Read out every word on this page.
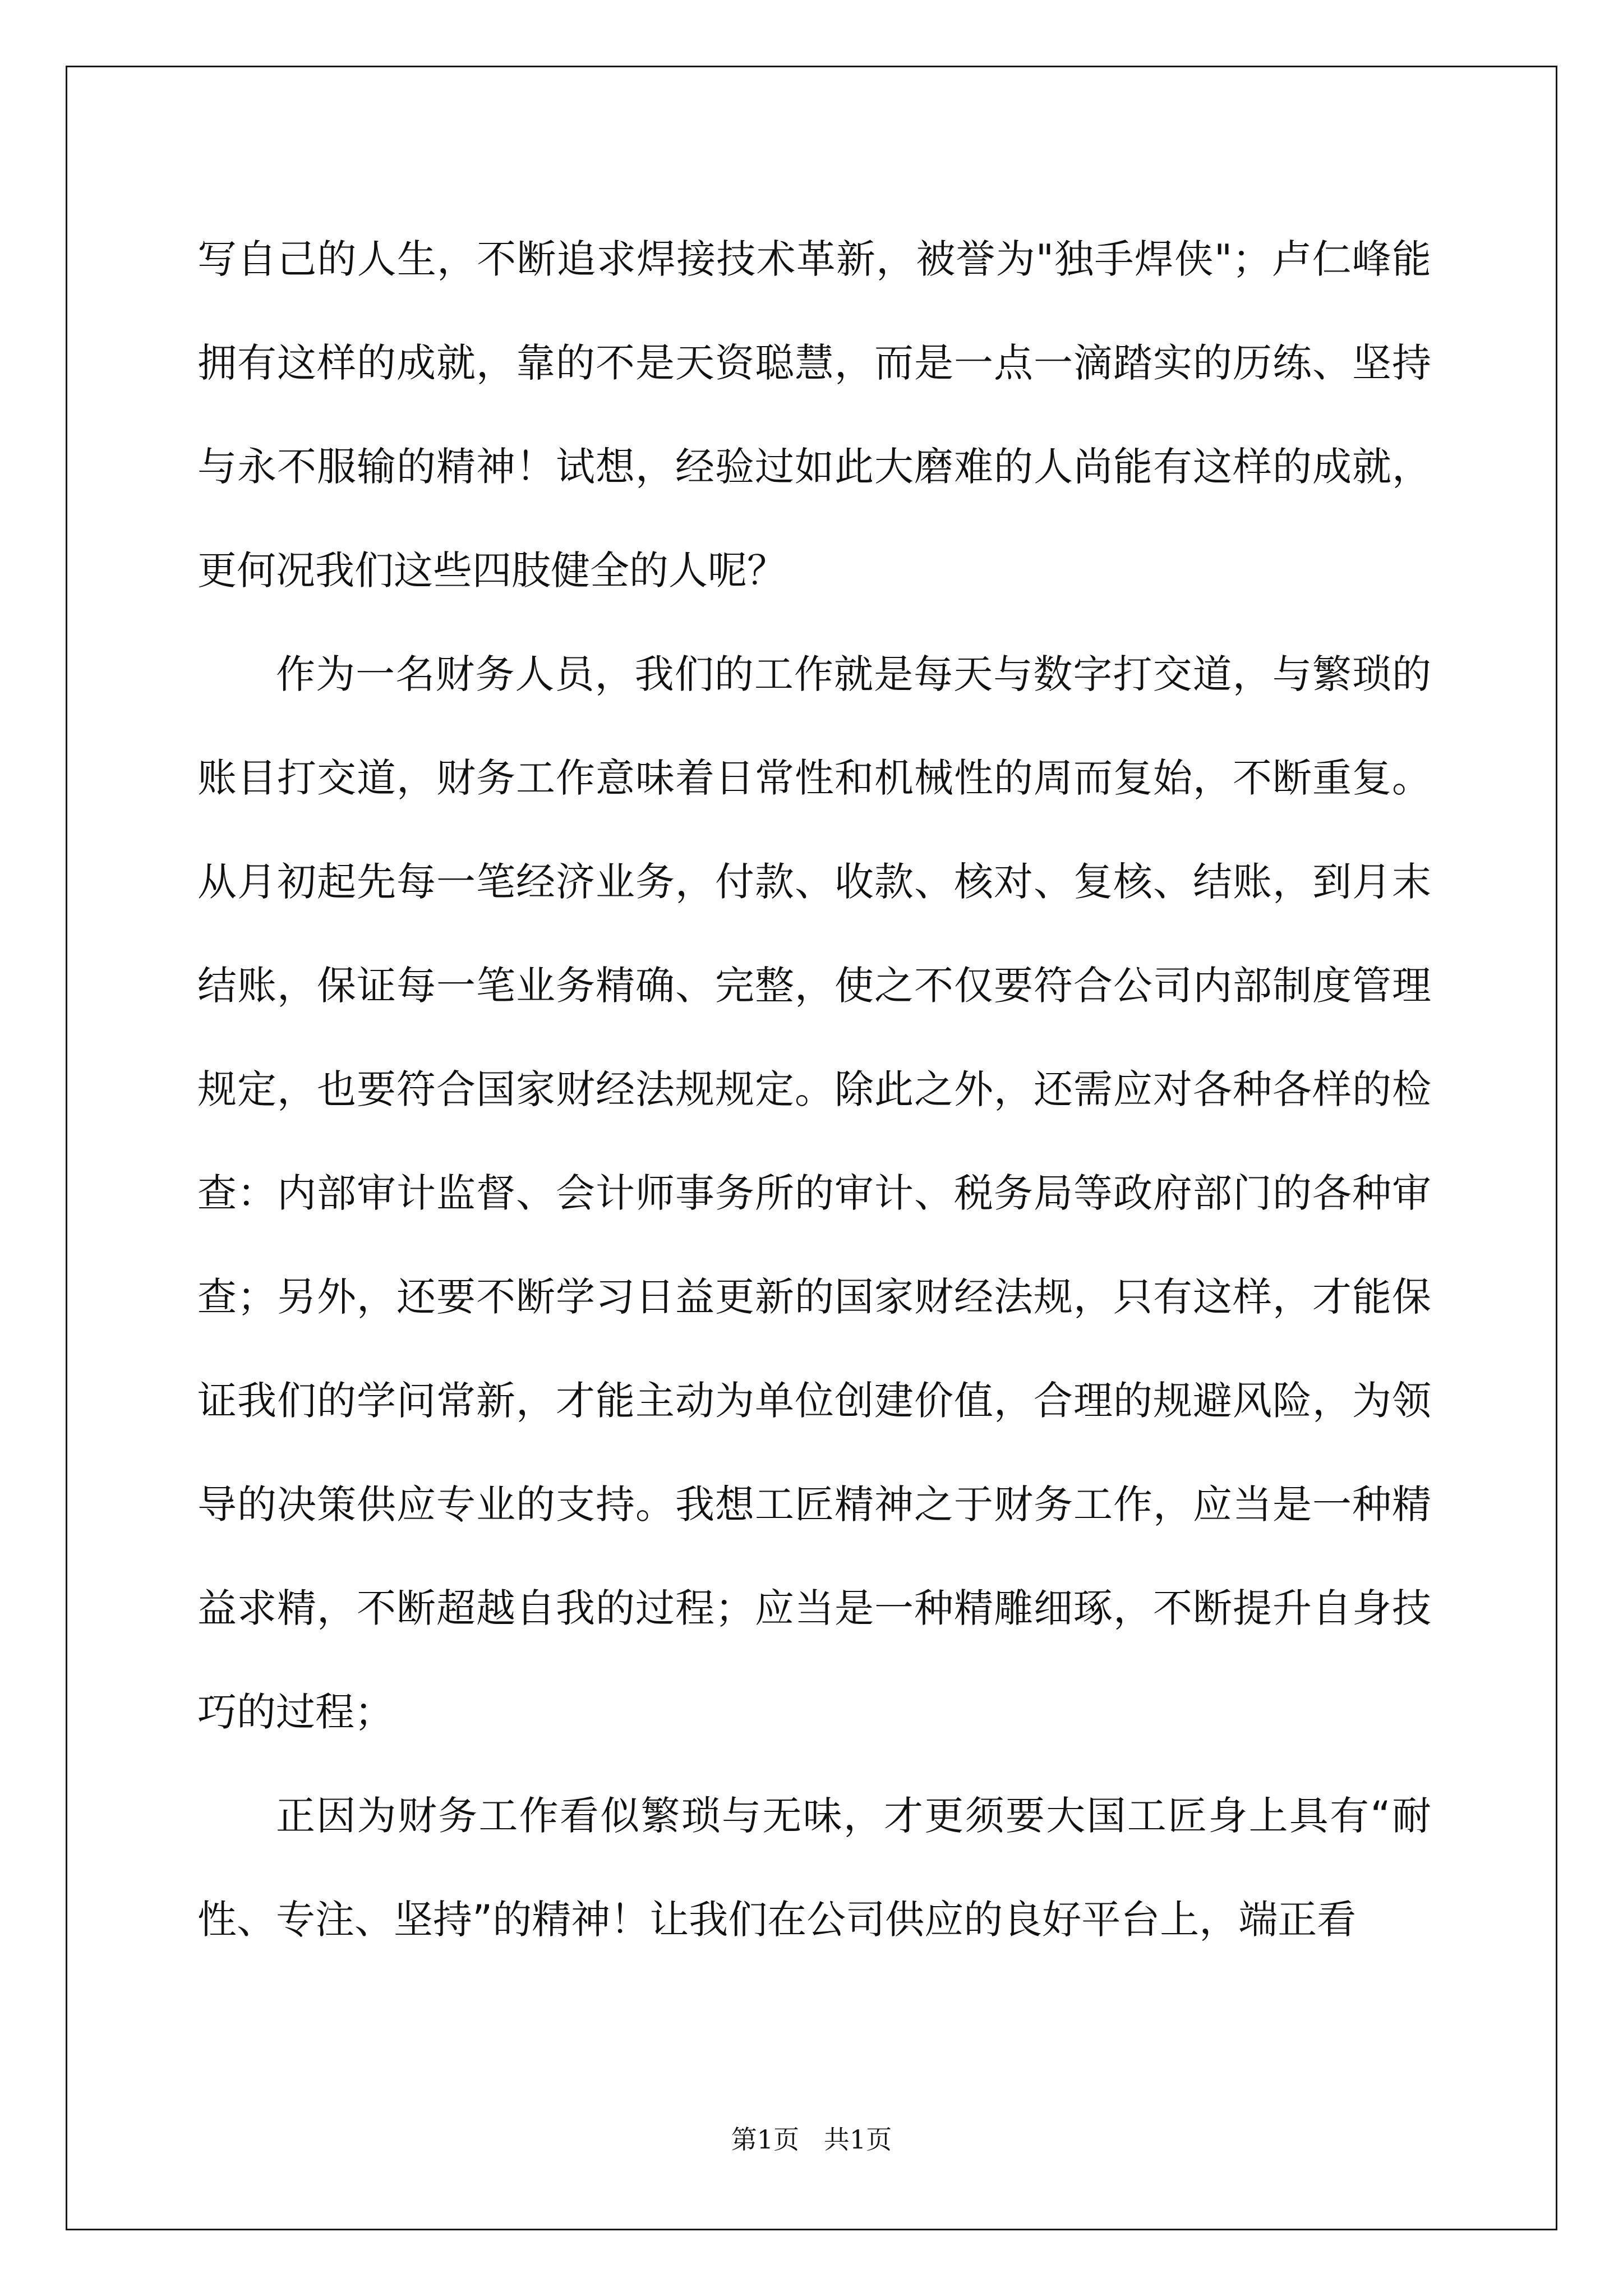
写自己的人生，不断追求焊接技术革新，被誉为"独手焊侠"；卢仁峰能拥有这样的成就，靠的不是天资聪慧，而是一点一滴踏实的历练、坚持与永不服输的精神！试想，经验过如此大磨难的人尚能有这样的成就，更何况我们这些四肢健全的人呢？

作为一名财务人员，我们的工作就是每天与数字打交道，与繁琐的账目打交道，财务工作意味着日常性和机械性的周而复始，不断重复。从月初起先每一笔经济业务，付款、收款、核对、复核、结账，到月末结账，保证每一笔业务精确、完整，使之不仅要符合公司内部制度管理规定，也要符合国家财经法规规定。除此之外，还需应对各种各样的检查：内部审计监督、会计师事务所的审计、税务局等政府部门的各种审查；另外，还要不断学习日益更新的国家财经法规，只有这样，才能保证我们的学问常新，才能主动为单位创建价值，合理的规避风险，为领导的决策供应专业的支持。我想工匠精神之于财务工作，应当是一种精益求精，不断超越自我的过程；应当是一种精雕细琢，不断提升自身技巧的过程；

正因为财务工作看似繁琐与无味，才更须要大国工匠身上具有“耐性、专注、坚持”的精神！让我们在公司供应的良好平台上，端正看

第1页   共1页
